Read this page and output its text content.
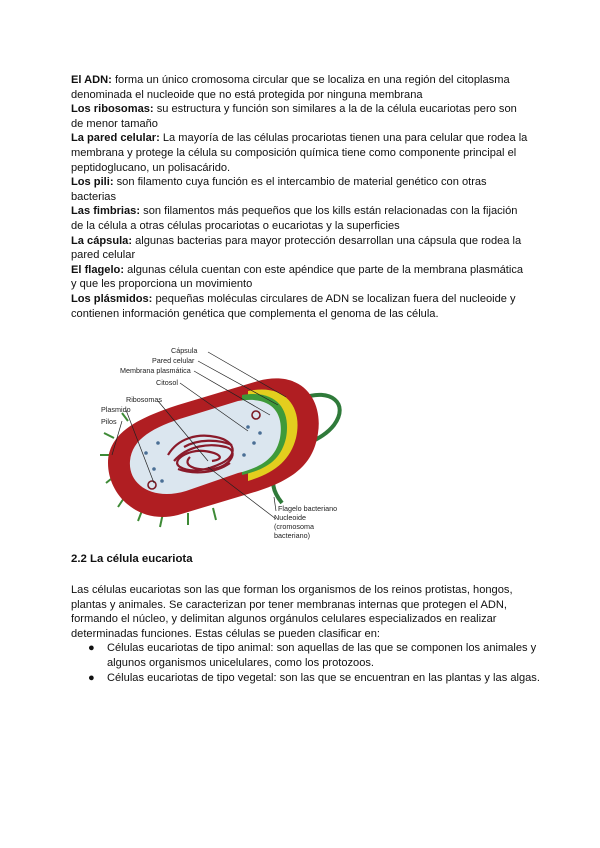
El ADN: forma un único cromosoma circular que se localiza en una región del citoplasma denominada el nucleoide que no está protegida por ninguna membrana

Los ribosomas: su estructura y función son similares a la de la célula eucariotas pero son de menor tamaño

La pared celular: La mayoría de las células procariotas tienen una para celular que rodea la membrana y protege la célula su composición química tiene como componente principal el peptidoglucano, un polisacárido.

Los pili: son filamento cuya función es el intercambio de material genético con otras bacterias

Las fimbrias: son filamentos más pequeños que los kills están relacionadas con la fijación de la célula a otras células procariotas o eucariotas y la superficies

La cápsula: algunas bacterias para mayor protección desarrollan una cápsula que rodea la pared celular

El flagelo: algunas célula cuentan con este apéndice que parte de la membrana plasmática y que les proporciona un movimiento

Los plásmidos: pequeñas moléculas circulares de ADN se localizan fuera del nucleoide y contienen información genética que complementa el genoma de las célula.

Cápsula
Pared celular
Membrana plasmática
Citosol
Ribosomas
Plasmido
Pilos
Flagelo bacteriano
Nucleoide
(cromosoma
bacteriano)
2.2 La célula eucariota

Las células eucariotas son las que forman los organismos de los reinos protistas, hongos, plantas y animales. Se caracterizan por tener membranas internas que protegen el ADN, formando el núcleo, y delimitan algunos orgánulos celulares especializados en realizar determinadas funciones. Estas células se pueden clasificar en:

● Células eucariotas de tipo animal: son aquellas de las que se componen los animales y algunos organismos unicelulares, como los protozoos.
● Células eucariotas de tipo vegetal: son las que se encuentran en las plantas y las algas.
